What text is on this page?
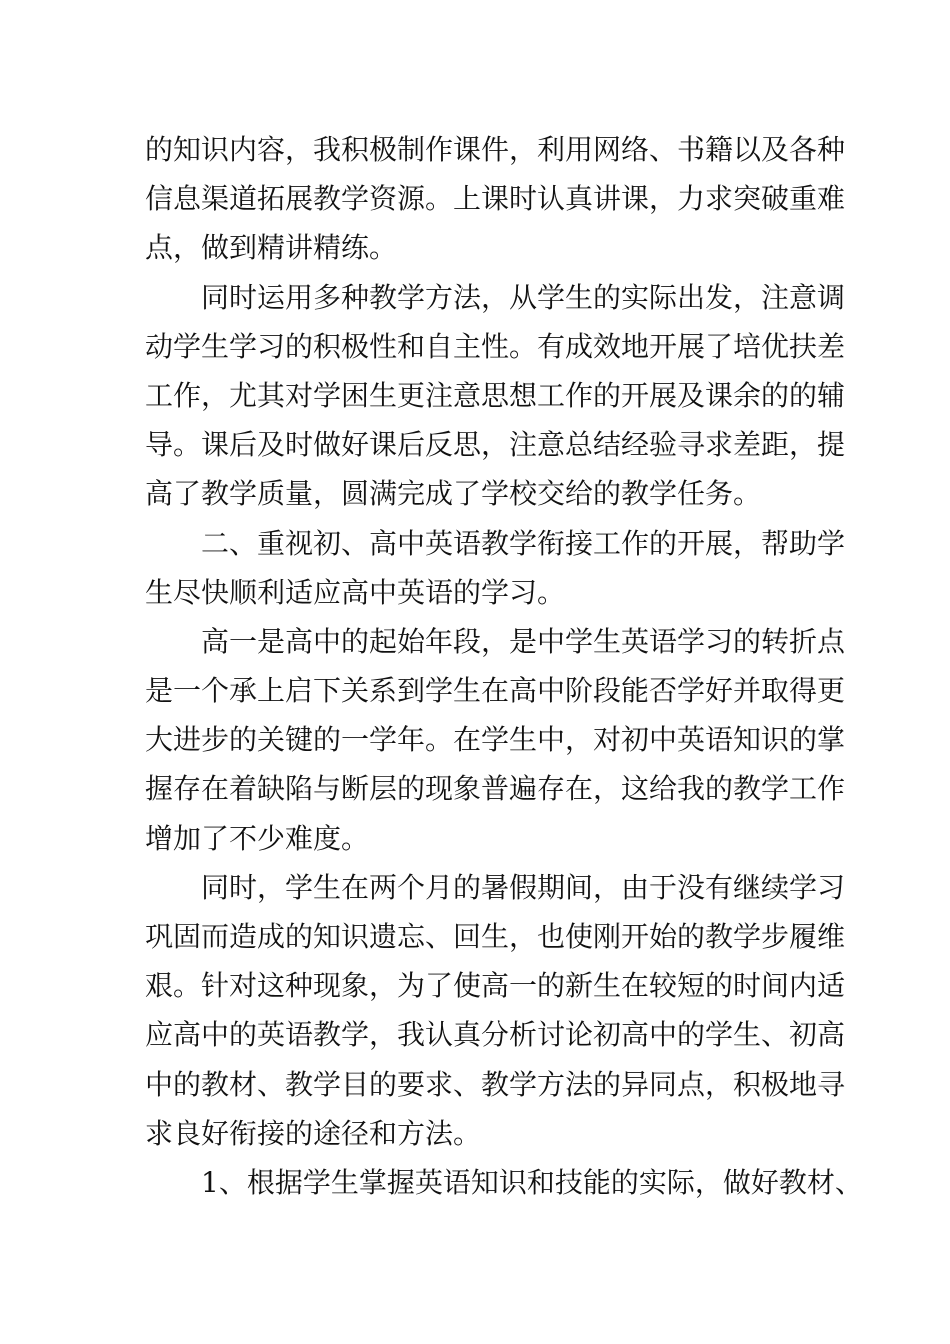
的知识内容，我积极制作课件，利用网络、书籍以及各种
信息渠道拓展教学资源。上课时认真讲课，力求突破重难
点，做到精讲精练。
同时运用多种教学方法，从学生的实际出发，注意调
动学生学习的积极性和自主性。有成效地开展了培优扶差
工作，尤其对学困生更注意思想工作的开展及课余的的辅
导。课后及时做好课后反思，注意总结经验寻求差距，提
高了教学质量，圆满完成了学校交给的教学任务。
二、重视初、高中英语教学衔接工作的开展，帮助学
生尽快顺利适应高中英语的学习。
高一是高中的起始年段，是中学生英语学习的转折点
是一个承上启下关系到学生在高中阶段能否学好并取得更
大进步的关键的一学年。在学生中，对初中英语知识的掌
握存在着缺陷与断层的现象普遍存在，这给我的教学工作
增加了不少难度。
同时，学生在两个月的暑假期间，由于没有继续学习
巩固而造成的知识遗忘、回生，也使刚开始的教学步履维
艰。针对这种现象，为了使高一的新生在较短的时间内适
应高中的英语教学，我认真分析讨论初高中的学生、初高
中的教材、教学目的要求、教学方法的异同点，积极地寻
求良好衔接的途径和方法。
1、根据学生掌握英语知识和技能的实际，做好教材、
